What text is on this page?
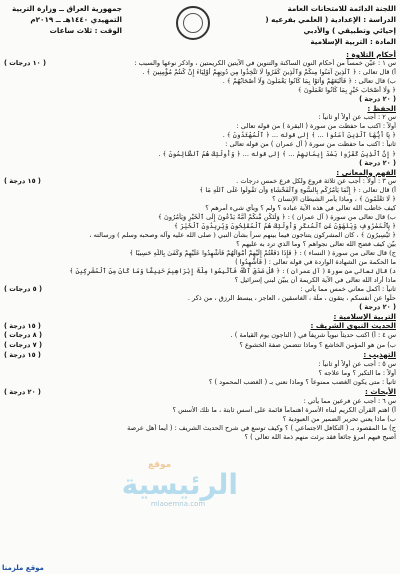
جمهورية العراق ــ وزارة التربية
التمهيدي ١٤٤٠هـ ــ ٢٠١٩م
الوقت : ثلاث ساعات
اللجنة الدائمة للامتحانات العامة
الدراسة : الإعدادية ( العلمي بفرعيه ( إحيائي وتطبيقي ) والأدبي
المادة : التربية الإسلامية
أحكام التلاوة :
س ١ : عيّن خمساً من أحكام النون الساكنة والتنوين في الآيتين الكريمتين ، واذكر نوعها والسبب :
( ١٠ درجات )
أ) قال تعالى : ﴿ ٱلَّذِينَ آمَنُوا مِنكُمْ وَٱلَّذِينَ كَفَرُوا لَا تَتَّخِذُوا مِن دُونِهِمْ أَوْلِيَاءَ إِنْ كُنتُمْ مُؤْمِنِينَ ﴾ .
ب) قال تعالى : ﴿ فَأَتْبَعَهُمْ وَأَتَوْا بِمَا كَانُوا يَعْمَلُونَ وَلَا أَصْحَابُهُمْ ﴾ .
﴿ وَلَا أَصْحَابَ خَيْرٍ بِمَا كَانُوا تَعْمَلُونَ ﴾
( ٢٠ درجة )
الحفظ :
س ٢ : أجب عن أولاً أو ثانياً :
أولاً : اكتب ما حفظت من سورة ( البقرة ) من قوله تعالى :
﴿ يَا أَيُّهَا ٱلَّذِينَ آمَنُوا ... ﴾ إلى قوله ... ﴿ ٱلْمُهْتَدُونَ ﴾ .
ثانياً : اكتب ما حفظت من سورة ( آل عمران ) من قوله تعالى :
﴿ إِنَّ ٱلَّذِينَ كَفَرُوا بَعْدَ إِيمَانِهِمْ ... ﴾ إلى قوله ... ﴿ وَأُولَٰئِكَ هُمُ ٱلظَّالِمُونَ ﴾ .
( ٢٠ درجة )
الفهم والمعاني :
س ٣ : أولاً : أجب عن ثلاثة فروع ولكل فرع خمس درجات .
( ١٥ درجة )
أ) قال تعالى : ﴿ إِنَّمَا يَأْمُرُكُم بِالسُّوءِ وَٱلْفَحْشَاءِ وَأَن تَقُولُوا عَلَى ٱللَّهِ مَا ﴾
﴿ لَا تَعْلَمُونَ ﴾ ، وماذا يأمر الشيطان الإنسان ؟
كيف خاطب الله تعالى في هذه الآية عباده ؟ ولم ؟ وبأي شيء أمرهم ؟
ب) قال تعالى من سورة ( آل عمران ) : ﴿ وَلْتَكُن مِّنكُمْ أُمَّةٌ يَدْعُونَ إِلَى ٱلْخَيْرِ وَيَأْمُرُونَ ﴾
﴿ بِٱلْمَعْرُوفِ وَيَنْهَوْنَ عَنِ ٱلْمُنكَرِ وَأُولَٰئِكَ هُمُ ٱلْمُفْلِحُونَ وَيُرِيدُونَ ٱلْخَيْرَ ﴾
﴿ تَيْسِيرُونَ ﴾ ، كان المشركون يتناجون فيما بينهم سراً بشأن النبي ( صلى الله عليه وآله وصحبه وسلم ) ورسالته ،
بيّن كيف فضح الله تعالى نجواهم ؟ وما الذي ترد به عليهم ؟
ج) قال تعالى من سورة ( النساء ) : ﴿ فَإِذَا دَفَعْتُمْ إِلَيْهِمْ أَمْوَالَهُمْ فَأَشْهِدُوا عَلَيْهِمْ وَكَفَىٰ بِاللَّهِ حَسِيبًا ﴾
ما الحكمة من الشهادة الواردة في قوله تعالى : ( فَأَشْهِدُوا )
د) قال تعالى من سورة ( آل عمران ) : ﴿ قُلْ صَدَقَ ٱللَّهُ فَٱتَّبِعُوا مِلَّةَ إِبْرَاهِيمَ حَنِيفًا وَمَا كَانَ مِنَ ٱلْمُشْرِكِينَ ﴾
ماذا أراد الله تعالى في الآية الكريمة أن يبيّن لبني إسرائيل ؟
ثانياً : أكمل معاني خمس مما يأتي :
( ٥ درجات )
حلّوا عن أنفسكم ، يتقون ، ملّة ، الغاسقين ، العاجز ، يبسط الرزق ، من ذكر .
( ٢٠ درجة )
التربية الإسلامية :
الحديث النبوي الشريف :
( ١٥ درجة )
س ٤ : أ) اكتب حديثاً نبوياً شريفاً في ( الناجون يوم القيامة ) .
( ٨ درجات )
ب) من هو المؤمن الخاشع ؟ وماذا تتضمن صفة الخشوع ؟
( ٧ درجات )
التهذيب :
( ١٥ درجة )
س ٥ : أجب عن أولاً أو ثانياً :
أولاً : ما التكبر ؟ وما علاجه ؟
ثانياً : متى يكون الغضب ممنوعاً ؟ وماذا نعني بـ ( الغضب المحمود ) ؟
الأبحاث :
( ٢٠ درجة )
س ٦ : أجب عن فرعين مما يأتي :
أ) اهتم القرآن الكريم لبناء الأسرة اهتماماً قائمة على أسس ثابتة ، ما تلك الأسس ؟
ب) ماذا يعني تحرير الضمير من العبودية ؟
ج) ما المقصود بـ ( التكافل الاجتماعي ) ؟ وكيف توسع في شرح الحديث الشريف : ( أيما أهل عرصة
أصبح فيهم امرؤ جائعاً فقد برئت منهم ذمة الله تعالى ) ؟
موقع
الرئيسية
mlaoemna.com
موقع ملزمنا
